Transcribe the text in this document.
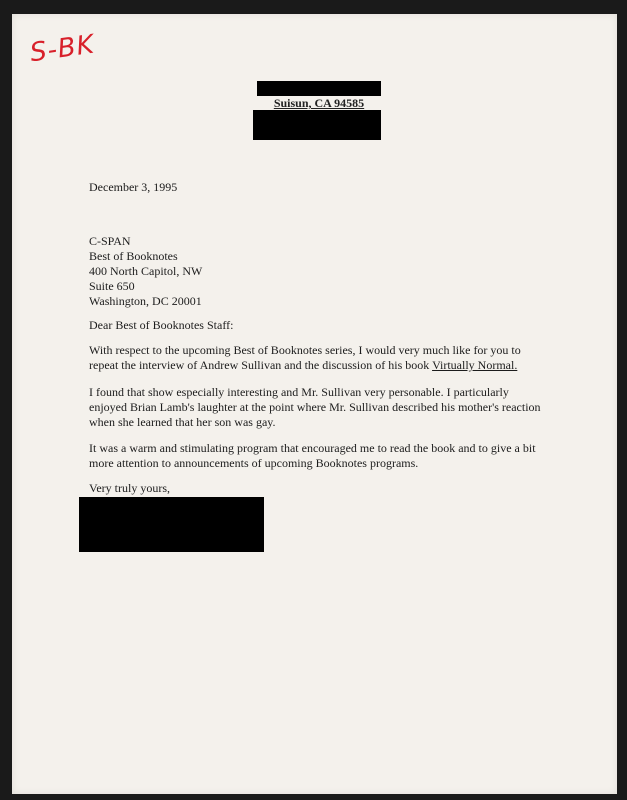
S-BK
Suisun, CA 94585
December 3, 1995

C-SPAN

Best of Booknotes

400 North Capitol, NW

Suite 650

Washington, DC 20001

Dear Best of Booknotes Staff:
With respect to the upcoming Best of Booknotes series, I would very much like for you to repeat the interview of Andrew Sullivan and the discussion of his book Virtually Normal.
I found that show especially interesting and Mr. Sullivan very personable. I particularly enjoyed Brian Lamb's laughter at the point where Mr. Sullivan described his mother's reaction when she learned that her son was gay.
It was a warm and stimulating program that encouraged me to read the book and to give a bit more attention to announcements of upcoming Booknotes programs.
Very truly yours,
